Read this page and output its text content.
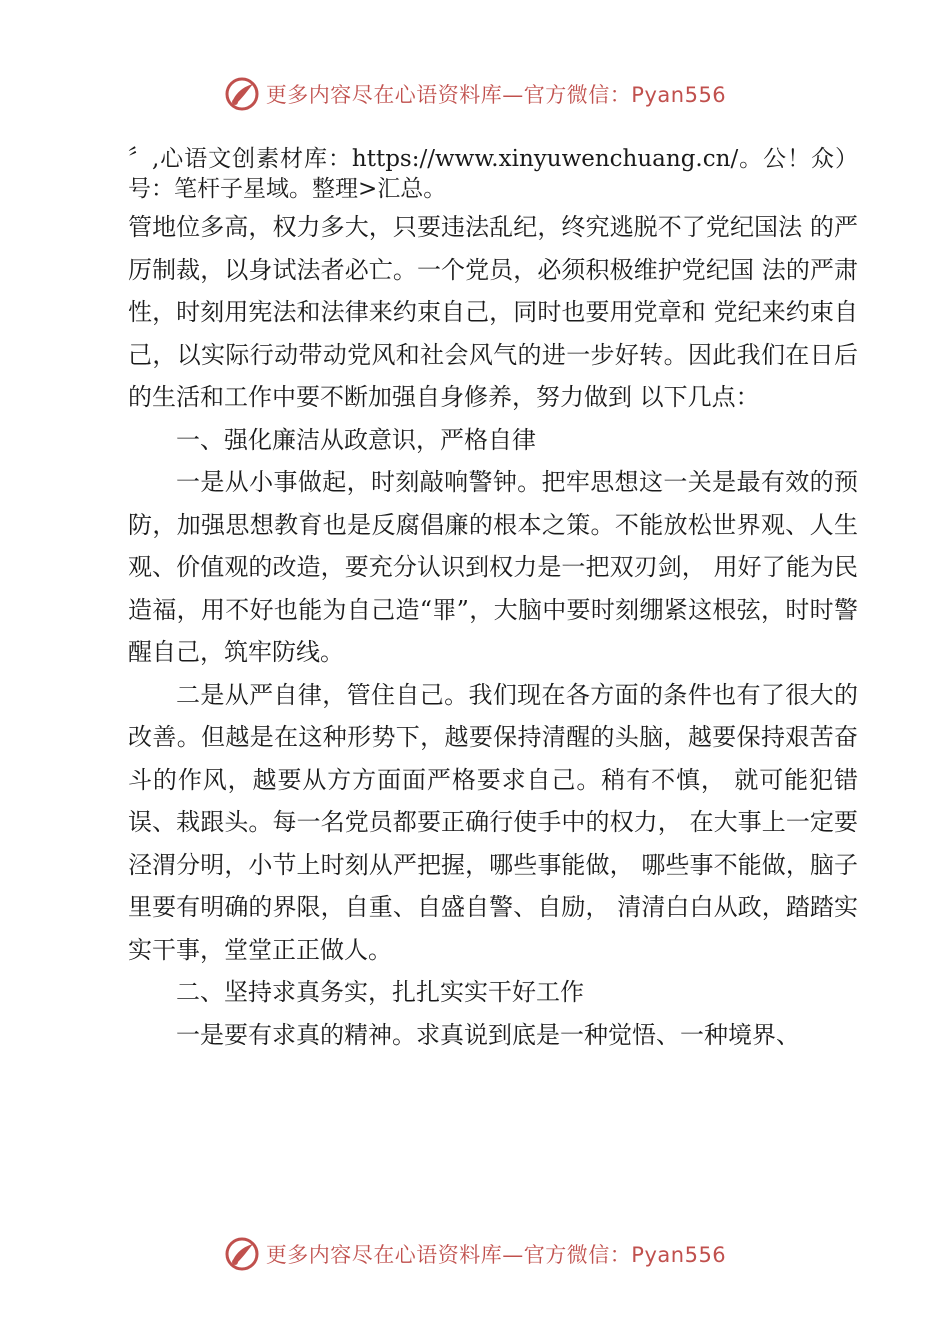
更多内容尽在心语资料库—官方微信：Pyan556

〞,心语文创素材库：https://www.xinyuwenchuang.cn/。公！众）号：笔杆子星域。整理>汇总。

管地位多高，权力多大，只要违法乱纪，终究逃脱不了党纪国法 的严厉制裁，以身试法者必亡。一个党员，必须积极维护党纪国 法的严肃性，时刻用宪法和法律来约束自己，同时也要用党章和 党纪来约束自己，以实际行动带动党风和社会风气的进一步好转。因此我们在日后的生活和工作中要不断加强自身修养，努力做到 以下几点：

一、强化廉洁从政意识，严格自律

一是从小事做起，时刻敲响警钟。把牢思想这一关是最有效的预防，加强思想教育也是反腐倡廉的根本之策。不能放松世界观、人生观、价值观的改造，要充分认识到权力是一把双刃剑， 用好了能为民造福，用不好也能为自己造“罪”，大脑中要时刻绷紧这根弦，时时警醒自己，筑牢防线。

二是从严自律，管住自己。我们现在各方面的条件也有了很大的改善。但越是在这种形势下，越要保持清醒的头脑，越要保持艰苦奋斗的作风，越要从方方面面严格要求自己。稍有不慎， 就可能犯错误、栽跟头。每一名党员都要正确行使手中的权力， 在大事上一定要泾渭分明，小节上时刻从严把握，哪些事能做， 哪些事不能做，脑子里要有明确的界限，自重、自盛自警、自励， 清清白白从政，踏踏实实干事，堂堂正正做人。

二、坚持求真务实，扎扎实实干好工作

一是要有求真的精神。求真说到底是一种觉悟、一种境界、

更多内容尽在心语资料库—官方微信：Pyan556
